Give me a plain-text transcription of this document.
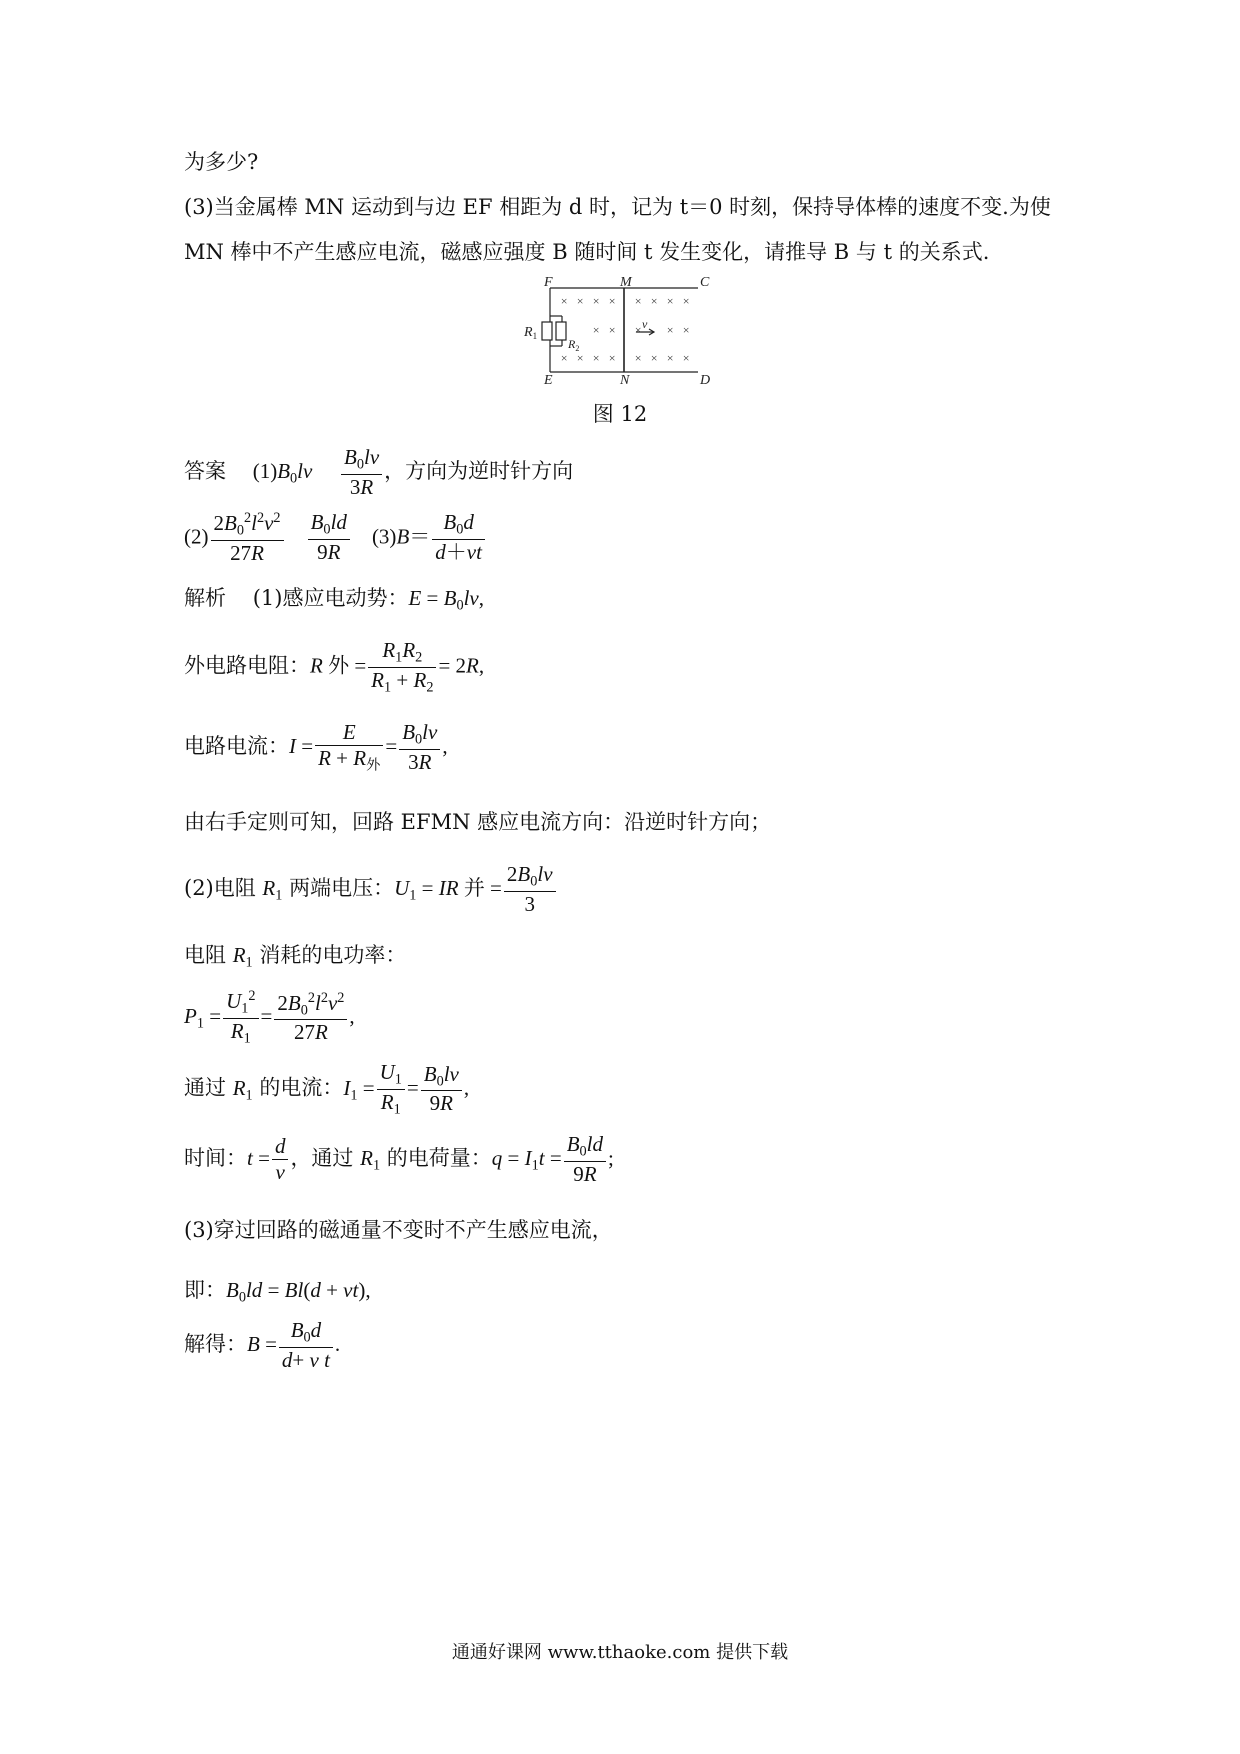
为多少?
(3)当金属棒 MN 运动到与边 EF 相距为 d 时，记为 t＝0 时刻，保持导体棒的速度不变.为使
MN 棒中不产生感应电流，磁感应强度 B 随时间 t 发生变化，请推导 B 与 t 的关系式.
× × × × × × × ×
× × × × ×
× × × × × × × ×
F	M	C
E	N	D
$R_1$
$R_2$
v
图 12
答案 $(1)B_0lv \frac{B_0lv}{3R}$ ，方向为逆时针方向
$(2) \frac{2B_0^2l^2v^2}{27R}$
$\frac{B_0ld}{9R} (3)B= \frac{B_0d}{d+vt}$
解析 (1)感应电动势：$E = B_0lv$,
外电路电阻：R 外 = $\frac{R_1R_2}{R_1 + R_2} = 2R$,
电路电流：$I = \frac{E}{R + R_外} = \frac{B_0lv}{3R}$ ,
由右手定则可知，回路 EFMN 感应电流方向：沿逆时针方向；
(2)电阻 $R_1$ 两端电压：$U_1$ = IR 并 = $\frac{2B_0lv}{3}$
电阻 $R_1$ 消耗的电功率：
$P_1 = \frac{U_1^2}{R_1} = \frac{2B_0^2l^2v^2}{27R}$ ,
通过 $R_1$ 的电流：$I_1 = \frac{U_1}{R_1} = \frac{B_0lv}{9R}$ ,
时间：$t = \frac{d}{v}$ ，通过 $R_1$ 的电荷量：$q = I_1t = \frac{B_0ld}{9R}$ ;
(3)穿过回路的磁通量不变时不产生感应电流，
即：$B_0ld = Bl(d + vt)$,
解得：$B = \frac{B_0d}{\text{d+ v t}}$ .
通通好课网 www.tthaoke.com 提供下载
